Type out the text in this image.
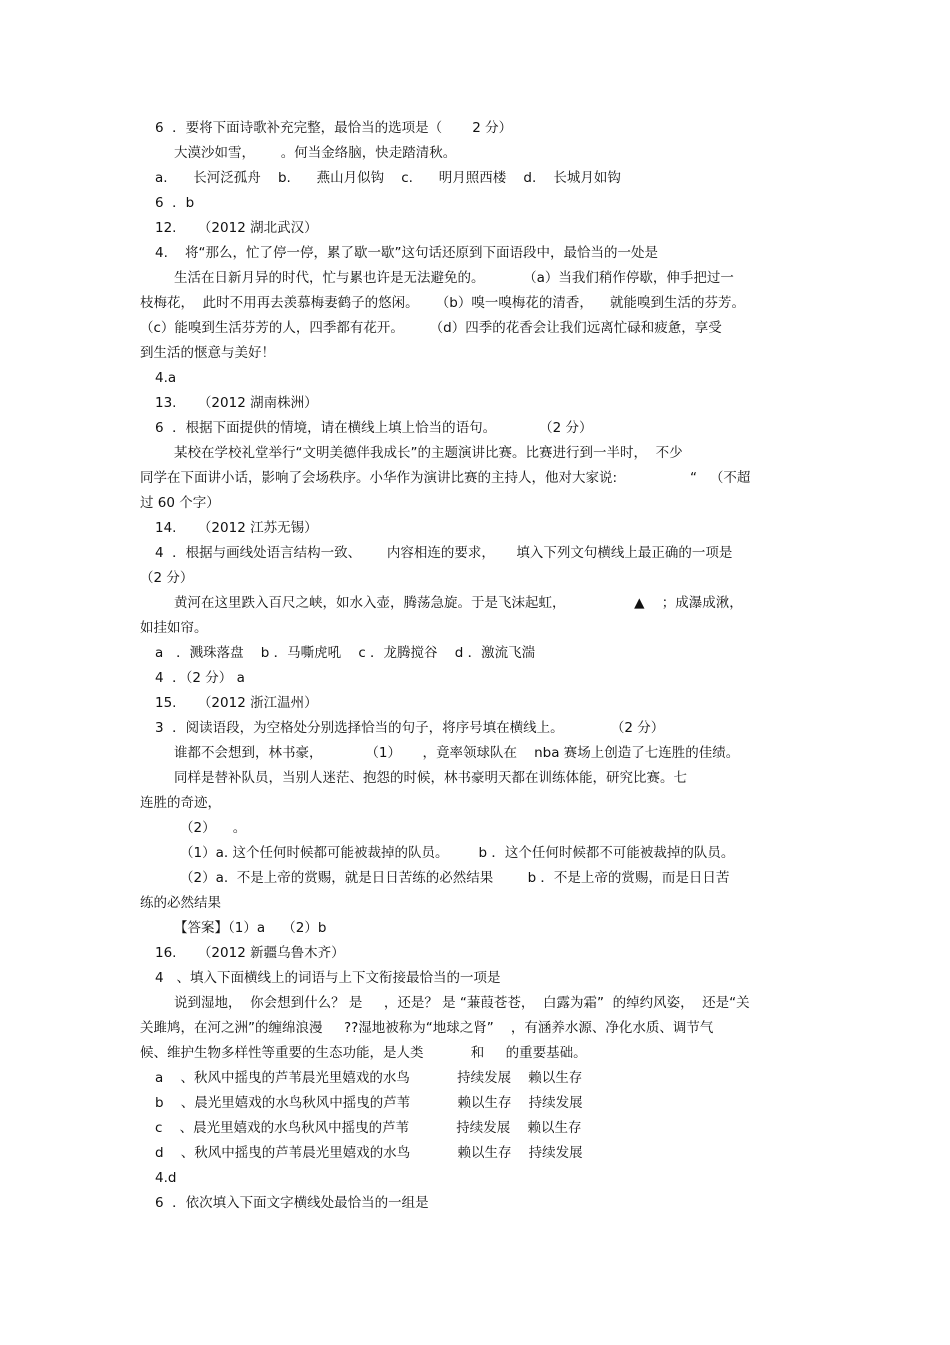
6  ．要将下面诗歌补充完整，最恰当的选项是（       2 分）
大漠沙如雪，      。何当金络脑，快走踏清秋。
a.      长河泛孤舟    b.      燕山月似钩    c.      明月照西楼    d.    长城月如钩
6  ．b
12.     （2012 湖北武汉）
4.    将“那么，忙了停一停，累了歇一歇”这句话还原到下面语段中，最恰当的一处是
生活在日新月异的时代，忙与累也许是无法避免的。         （a）当我们稍作停歇，伸手把过一
枝梅花，  此时不用再去羡慕梅妻鹤子的悠闲。    （b）嗅一嗅梅花的清香，    就能嗅到生活的芬芳。
（c）能嗅到生活芬芳的人，四季都有花开。      （d）四季的花香会让我们远离忙碌和疲惫，享受
到生活的惬意与美好！
4.a
13.     （2012 湖南株洲）
6  ．根据下面提供的情境，请在横线上填上恰当的语句。          （2 分）
某校在学校礼堂举行“文明美德伴我成长”的主题演讲比赛。比赛进行到一半时，  不少
同学在下面讲小话，影响了会场秩序。小华作为演讲比赛的主持人，他对大家说:                 “   （不超
过 60 个字）
14.     （2012 江苏无锡）
4  ．根据与画线处语言结构一致、      内容相连的要求，     填入下列文句横线上最正确的一项是
（2 分）
黄河在这里跌入百尺之峡，如水入壶，腾荡急旋。于是飞沫起虹，                ▲    ；成瀑成湫，
如挂如帘。
a   ．溅珠落盘    b ．马嘶虎吼    c ．龙腾搅谷    d ．激流飞湍
4  ．（2 分） a
15.     （2012 浙江温州）
3  ．阅读语段，为空格处分别选择恰当的句子，将序号填在横线上。           （2 分）
谁都不会想到，林书豪，          （1）     ，竟率领球队在    nba 赛场上创造了七连胜的佳绩。
同样是替补队员，当别人迷茫、抱怨的时候，林书豪明天都在训练体能，研究比赛。七
连胜的奇迹，
（2）    。
（1）a. 这个任何时候都可能被裁掉的队员。       b ．这个任何时候都不可能被裁掉的队员。
（2）a.  不是上帝的赏赐，就是日日苦练的必然结果        b ．不是上帝的赏赐，而是日日苦
练的必然结果
【答案】（1）a    （2）b
16.     （2012 新疆乌鲁木齐）
4   、填入下面横线上的词语与上下文衔接最恰当的一项是
说到湿地，  你会想到什么？ 是     ，还是？ 是 “蒹葭苍苍，  白露为霜”  的绰约风姿，  还是“关
关雎鸠，在河之洲”的缠绵浪漫     ??湿地被称为“地球之肾”    ，有涵养水源、净化水质、调节气
候、维护生物多样性等重要的生态功能，是人类           和     的重要基础。
a    、秋风中摇曳的芦苇晨光里嬉戏的水鸟           持续发展    赖以生存
b    、晨光里嬉戏的水鸟秋风中摇曳的芦苇           赖以生存    持续发展
c    、晨光里嬉戏的水鸟秋风中摇曳的芦苇           持续发展    赖以生存
d    、秋风中摇曳的芦苇晨光里嬉戏的水鸟           赖以生存    持续发展
4.d
6  ．依次填入下面文字横线处最恰当的一组是
